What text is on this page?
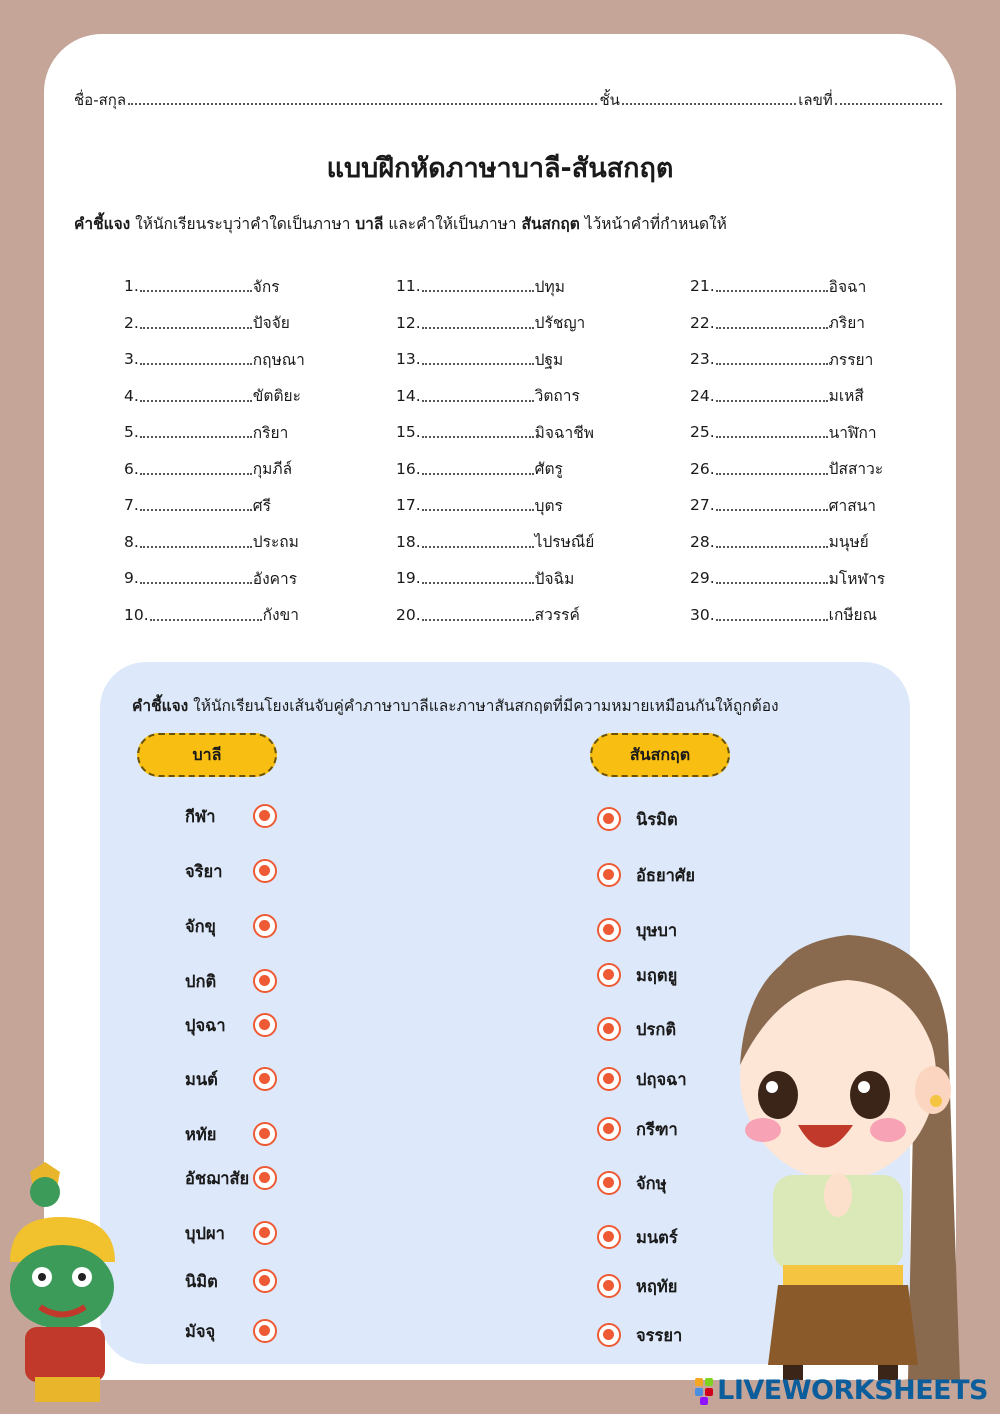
ชื่อ-สกุล	ชั้น	เลขที่
แบบฝึกหัดภาษาบาลี-สันสกฤต
คำชี้แจง ให้นักเรียนระบุว่าคำใดเป็นภาษา บาลี และคำให้เป็นภาษา สันสกฤต ไว้หน้าคำที่กำหนดให้
1.	จักร
2.	ปัจจัย
3.	กฤษณา
4.	ขัตติยะ
5.	กริยา
6.	กุมภีล์
7.	ศรี
8.	ประถม
9.	อังคาร
10.	กังขา
11.	ปทุม
12.	ปรัชญา
13.	ปฐม
14.	วิตถาร
15.	มิจฉาชีพ
16.	ศัตรู
17.	บุตร
18.	ไปรษณีย์
19.	ปัจฉิม
20.	สวรรค์
21.	อิจฉา
22.	ภริยา
23.	ภรรยา
24.	มเหสี
25.	นาฬิกา
26.	ปัสสาวะ
27.	ศาสนา
28.	มนุษย์
29.	มโหฬาร
30.	เกษียณ
คำชี้แจง ให้นักเรียนโยงเส้นจับคู่คำภาษาบาลีและภาษาสันสกฤตที่มีความหมายเหมือนกันให้ถูกต้อง
บาลี	สันสกฤต
กีฬา
จริยา
จักขุ
ปกติ
ปุจฉา
มนต์
หทัย
อัชฌาสัย
บุปผา
นิมิต
มัจจุ
นิรมิต
อัธยาศัย
บุษบา
มฤตยู
ปรกติ
ปฤจฉา
กรีฑา
จักษุ
มนตร์
หฤทัย
จรรยา
LIVEWORKSHEETS
